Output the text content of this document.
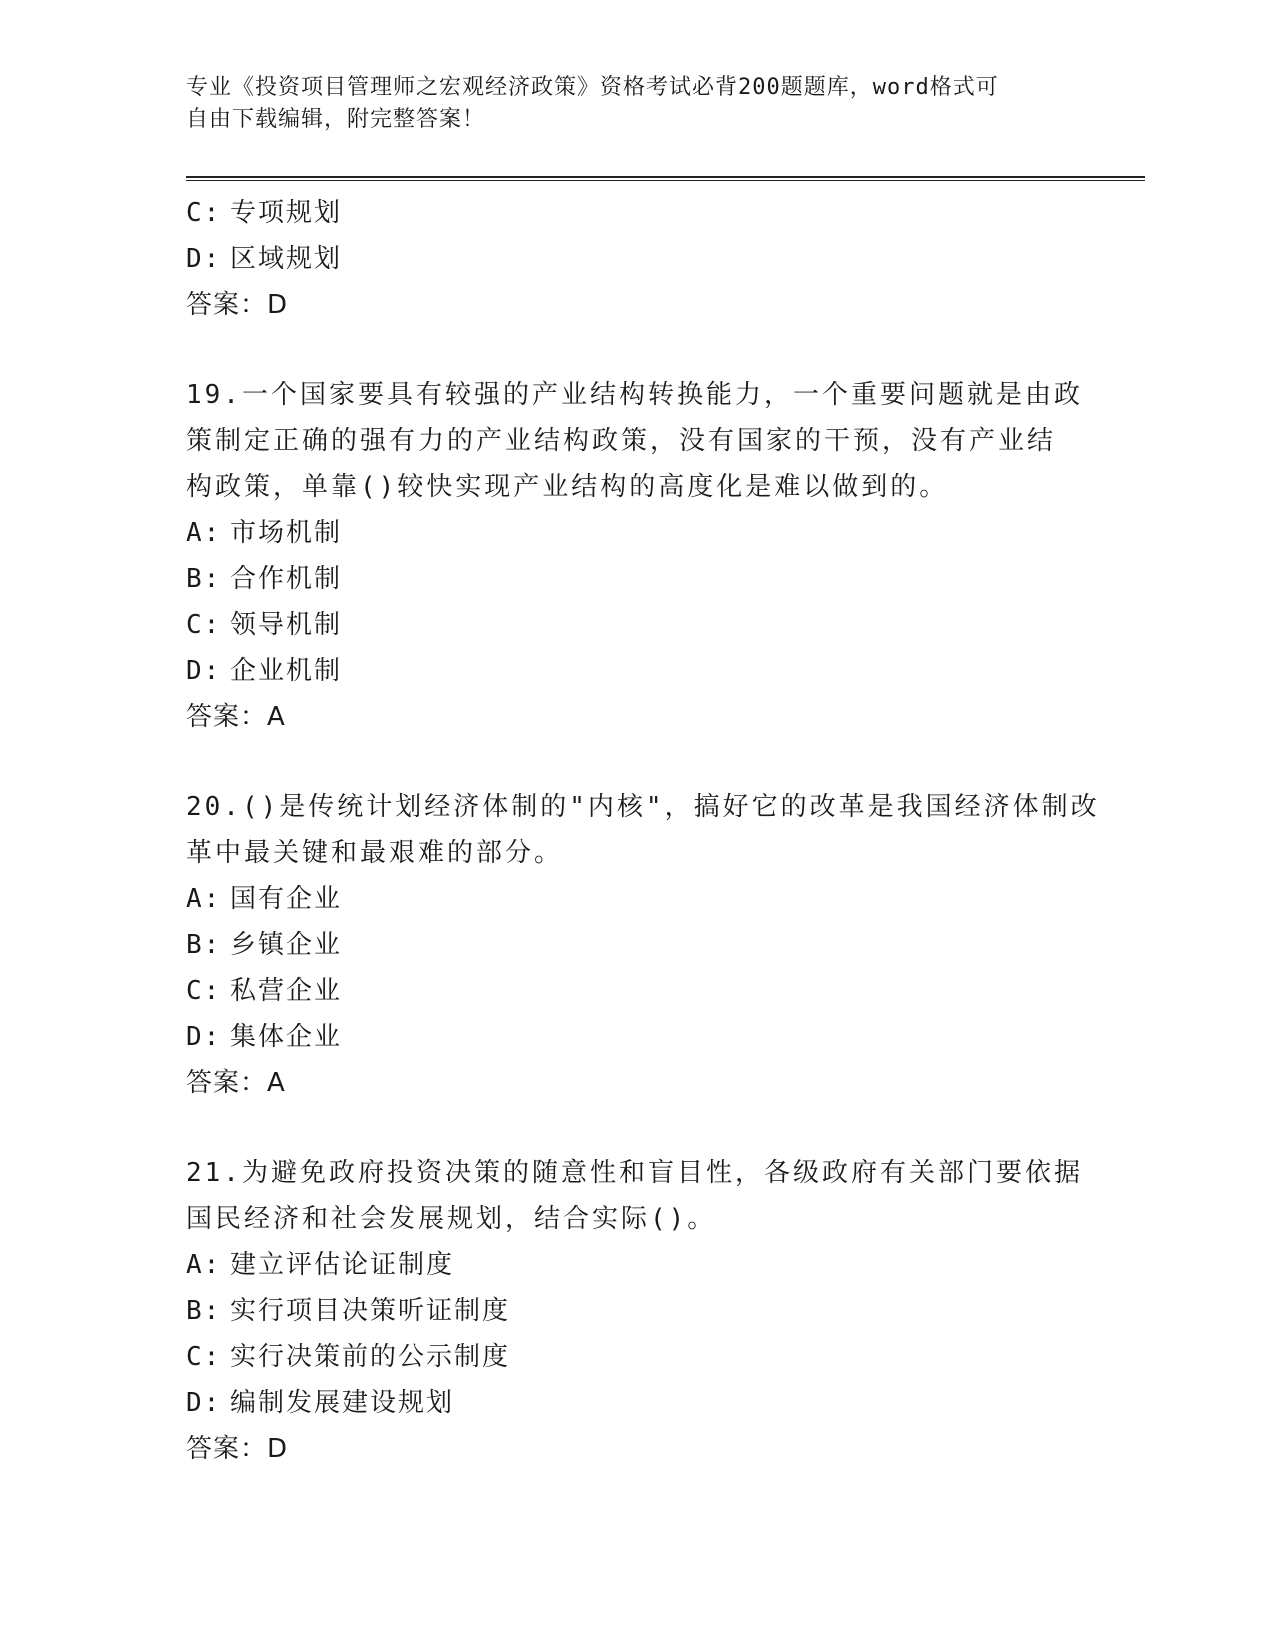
专业《投资项目管理师之宏观经济政策》资格考试必背200题题库，word格式可
自由下载编辑，附完整答案！
C: 专项规划
D: 区域规划
答案：D
19.一个国家要具有较强的产业结构转换能力，一个重要问题就是由政
策制定正确的强有力的产业结构政策，没有国家的干预，没有产业结
构政策，单靠()较快实现产业结构的高度化是难以做到的。
A: 市场机制
B: 合作机制
C: 领导机制
D: 企业机制
答案：A
20.()是传统计划经济体制的"内核"，搞好它的改革是我国经济体制改
革中最关键和最艰难的部分。
A: 国有企业
B: 乡镇企业
C: 私营企业
D: 集体企业
答案：A
21.为避免政府投资决策的随意性和盲目性，各级政府有关部门要依据
国民经济和社会发展规划，结合实际()。
A: 建立评估论证制度
B: 实行项目决策听证制度
C: 实行决策前的公示制度
D: 编制发展建设规划
答案：D
